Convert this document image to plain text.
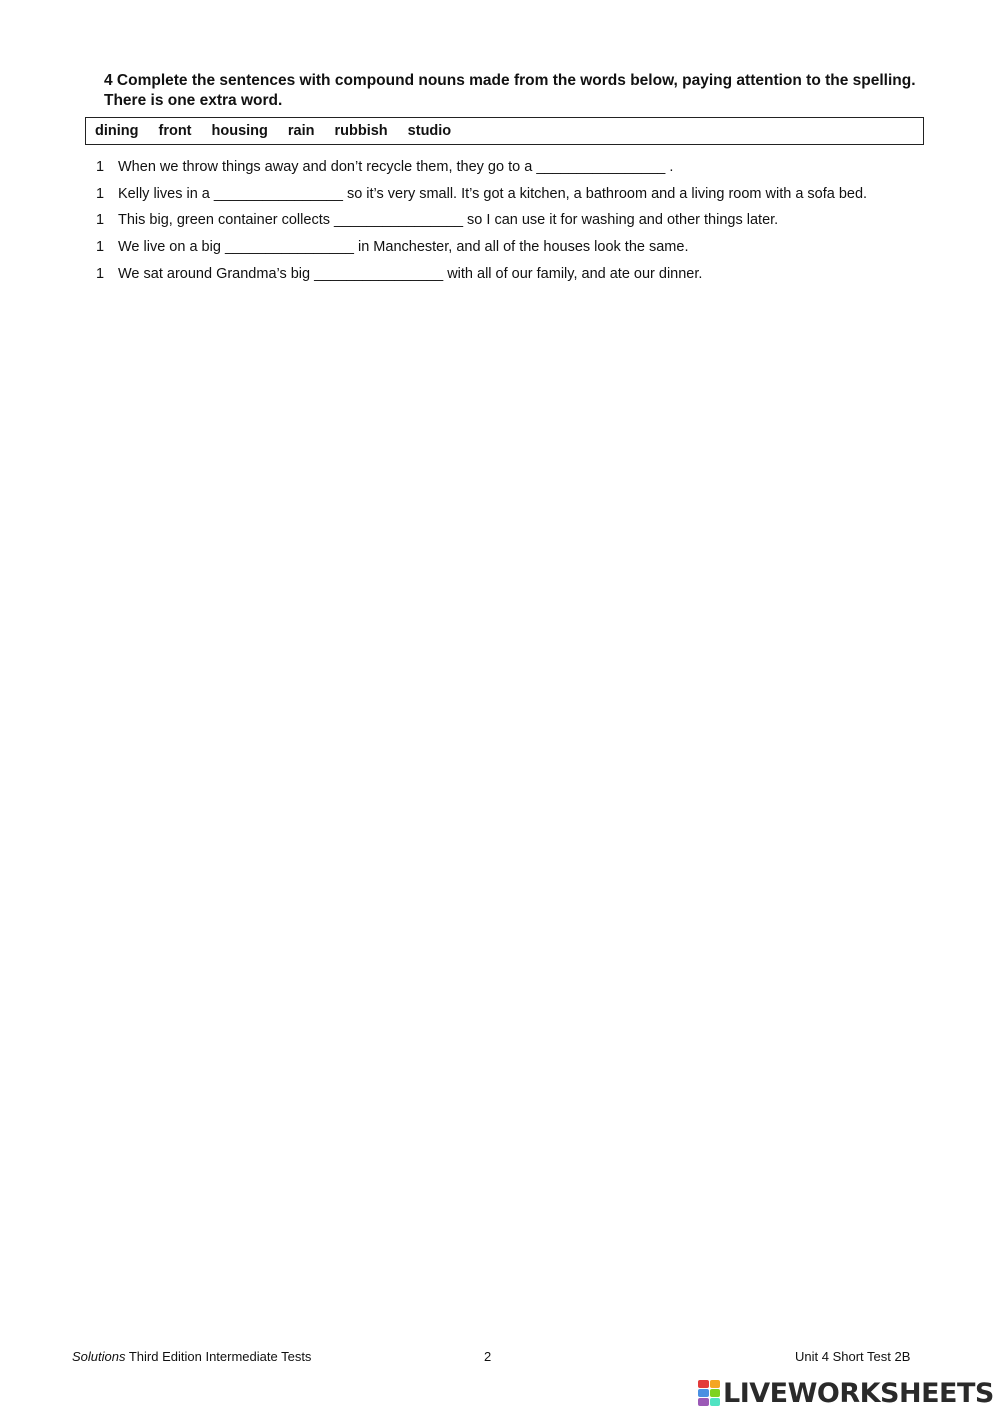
4 Complete the sentences with compound nouns made from the words below, paying attention to the spelling. There is one extra word.
dining front housing rain rubbish studio
1 When we throw things away and don’t recycle them, they go to a ________________ .
1 Kelly lives in a ________________ so it’s very small. It’s got a kitchen, a bathroom and a living room with a sofa bed.
1 This big, green container collects ________________ so I can use it for washing and other things later.
1 We live on a big ________________ in Manchester, and all of the houses look the same.
1 We sat around Grandma’s big ________________ with all of our family, and ate our dinner.
Solutions Third Edition Intermediate Tests	2	Unit 4 Short Test 2B
LIVEWORKSHEETS
